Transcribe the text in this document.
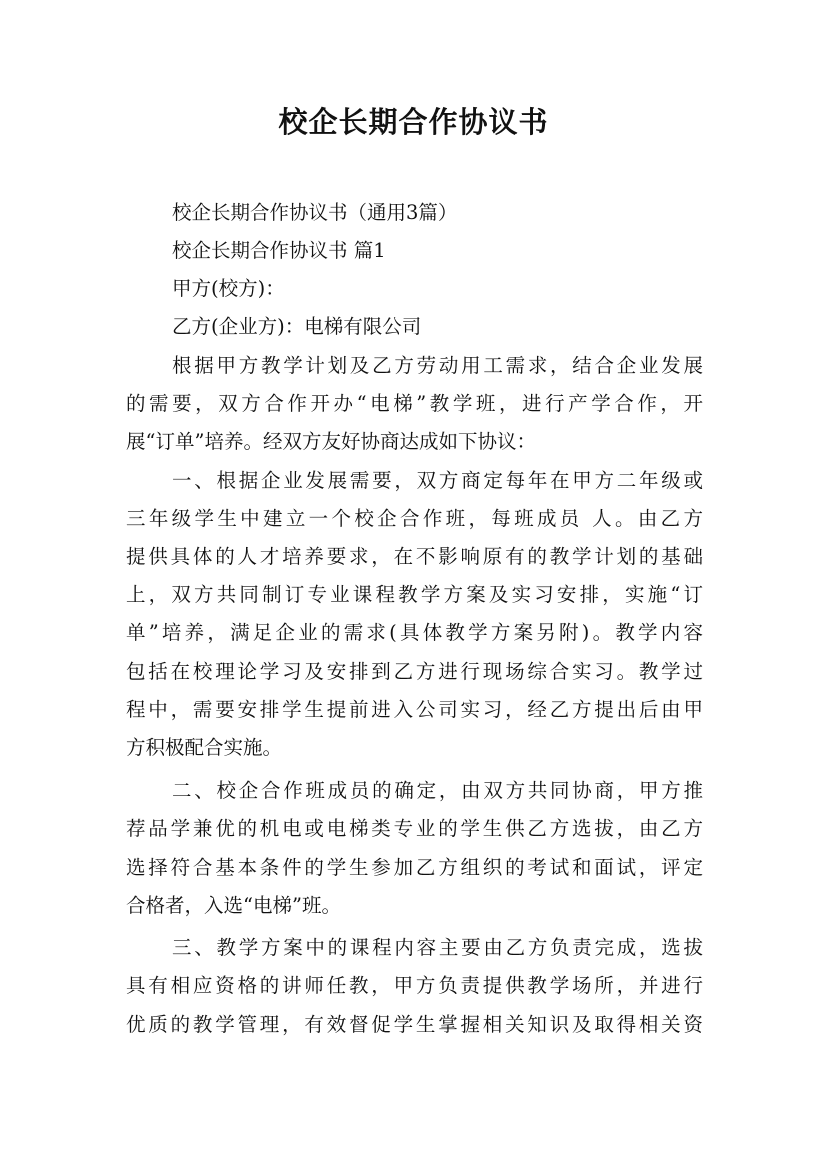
校企长期合作协议书

校企长期合作协议书（通用3篇）

校企长期合作协议书 篇1

甲方(校方)：

乙方(企业方)：电梯有限公司

根据甲方教学计划及乙方劳动用工需求，结合企业发展

的需要，双方合作开办“电梯”教学班，进行产学合作，开

展“订单”培养。经双方友好协商达成如下协议：

一、根据企业发展需要，双方商定每年在甲方二年级或

三年级学生中建立一个校企合作班，每班成员 人。由乙方

提供具体的人才培养要求，在不影响原有的教学计划的基础

上，双方共同制订专业课程教学方案及实习安排，实施“订

单”培养，满足企业的需求(具体教学方案另附)。教学内容

包括在校理论学习及安排到乙方进行现场综合实习。教学过

程中，需要安排学生提前进入公司实习，经乙方提出后由甲

方积极配合实施。

二、校企合作班成员的确定，由双方共同协商，甲方推

荐品学兼优的机电或电梯类专业的学生供乙方选拔，由乙方

选择符合基本条件的学生参加乙方组织的考试和面试，评定

合格者，入选“电梯”班。

三、教学方案中的课程内容主要由乙方负责完成，选拔

具有相应资格的讲师任教，甲方负责提供教学场所，并进行

优质的教学管理，有效督促学生掌握相关知识及取得相关资
